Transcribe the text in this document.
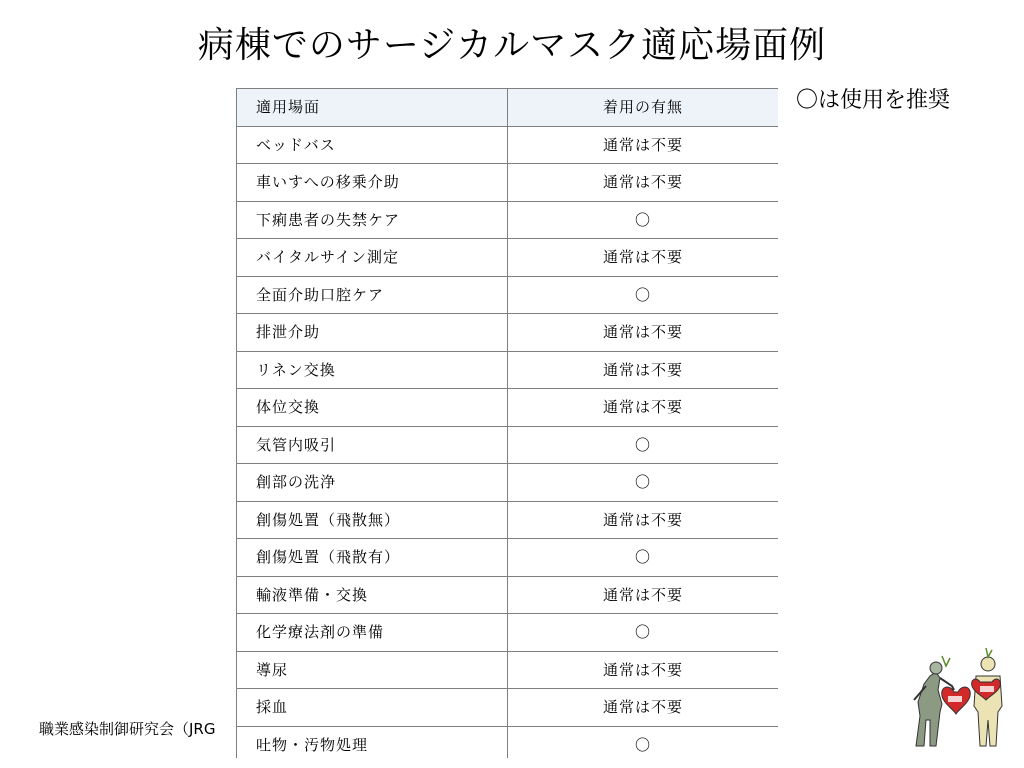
病棟でのサージカルマスク適応場面例
〇は使用を推奨
適用場面	着用の有無
ベッドバス	通常は不要
車いすへの移乗介助	通常は不要
下痢患者の失禁ケア	〇
バイタルサイン測定	通常は不要
全面介助口腔ケア	〇
排泄介助	通常は不要
リネン交換	通常は不要
体位交換	通常は不要
気管内吸引	〇
創部の洗浄	〇
創傷処置（飛散無）	通常は不要
創傷処置（飛散有）	〇
輸液準備・交換	通常は不要
化学療法剤の準備	〇
導尿	通常は不要
採血	通常は不要
吐物・汚物処理	〇
職業感染制御研究会（JRG
